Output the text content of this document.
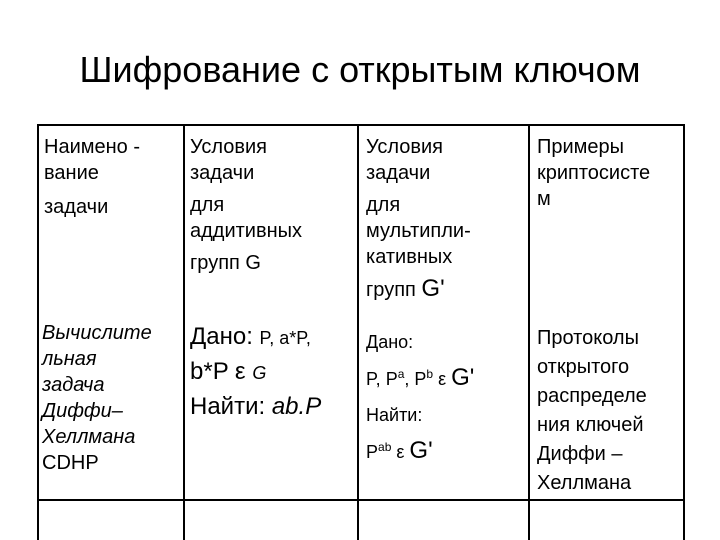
Шифрование с открытым ключом
Наимено -
вание
задачи
Условия
задачи
для
аддитивных
групп G
Условия
задачи
для
мультипли-
кативных
групп G'
Примеры
криптосисте
м
Вычислите
льная
задача
Диффи–
Хеллмана
CDHP
Дано: P, a*P,
b*P ε G
Найти: ab.P
Дано:
P, $P^a$, $P^b$ ε G'
Найти:
$P^{ab}$ ε G'
Протоколы
открытого
распределе
ния ключей
Диффи –
Хеллмана
